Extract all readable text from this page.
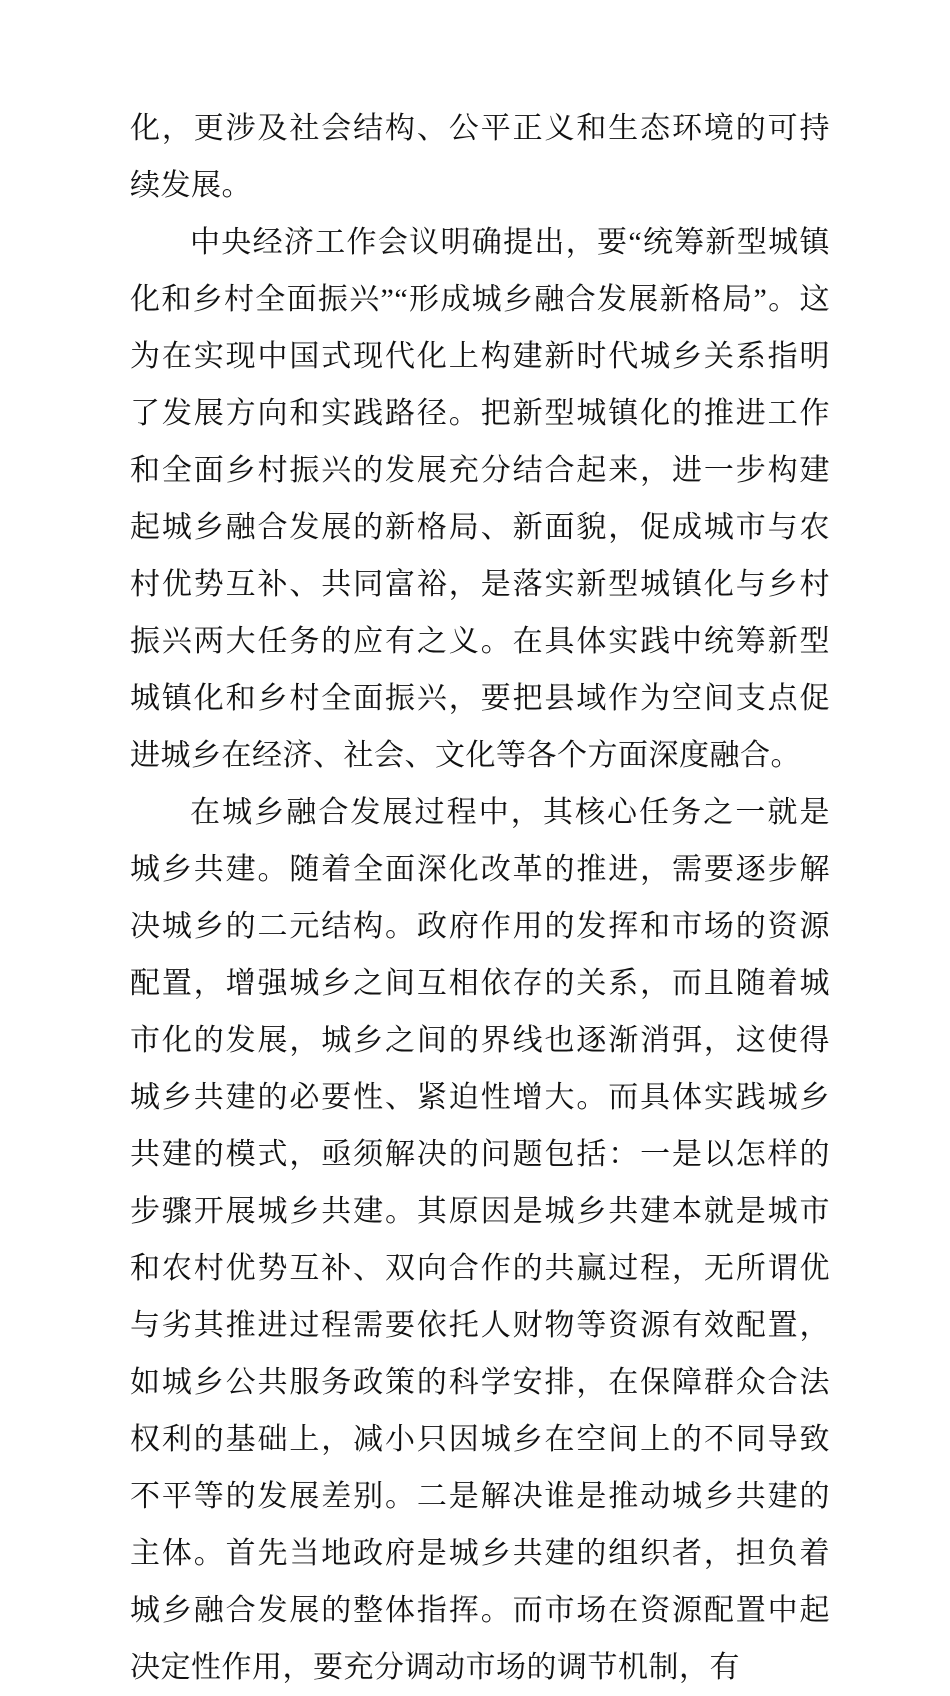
化，更涉及社会结构、公平正义和生态环境的可持续发展。

中央经济工作会议明确提出，要“统筹新型城镇化和乡村全面振兴”“形成城乡融合发展新格局”。这为在实现中国式现代化上构建新时代城乡关系指明了发展方向和实践路径。把新型城镇化的推进工作和全面乡村振兴的发展充分结合起来，进一步构建起城乡融合发展的新格局、新面貌，促成城市与农村优势互补、共同富裕，是落实新型城镇化与乡村振兴两大任务的应有之义。在具体实践中统筹新型城镇化和乡村全面振兴，要把县域作为空间支点促进城乡在经济、社会、文化等各个方面深度融合。

在城乡融合发展过程中，其核心任务之一就是城乡共建。随着全面深化改革的推进，需要逐步解决城乡的二元结构。政府作用的发挥和市场的资源配置，增强城乡之间互相依存的关系，而且随着城市化的发展，城乡之间的界线也逐渐消弭，这使得城乡共建的必要性、紧迫性增大。而具体实践城乡共建的模式，亟须解决的问题包括：一是以怎样的步骤开展城乡共建。其原因是城乡共建本就是城市和农村优势互补、双向合作的共赢过程，无所谓优与劣其推进过程需要依托人财物等资源有效配置，如城乡公共服务政策的科学安排，在保障群众合法权利的基础上，减小只因城乡在空间上的不同导致不平等的发展差别。二是解决谁是推动城乡共建的主体。首先当地政府是城乡共建的组织者，担负着城乡融合发展的整体指挥。而市场在资源配置中起决定性作用，要充分调动市场的调节机制，有
